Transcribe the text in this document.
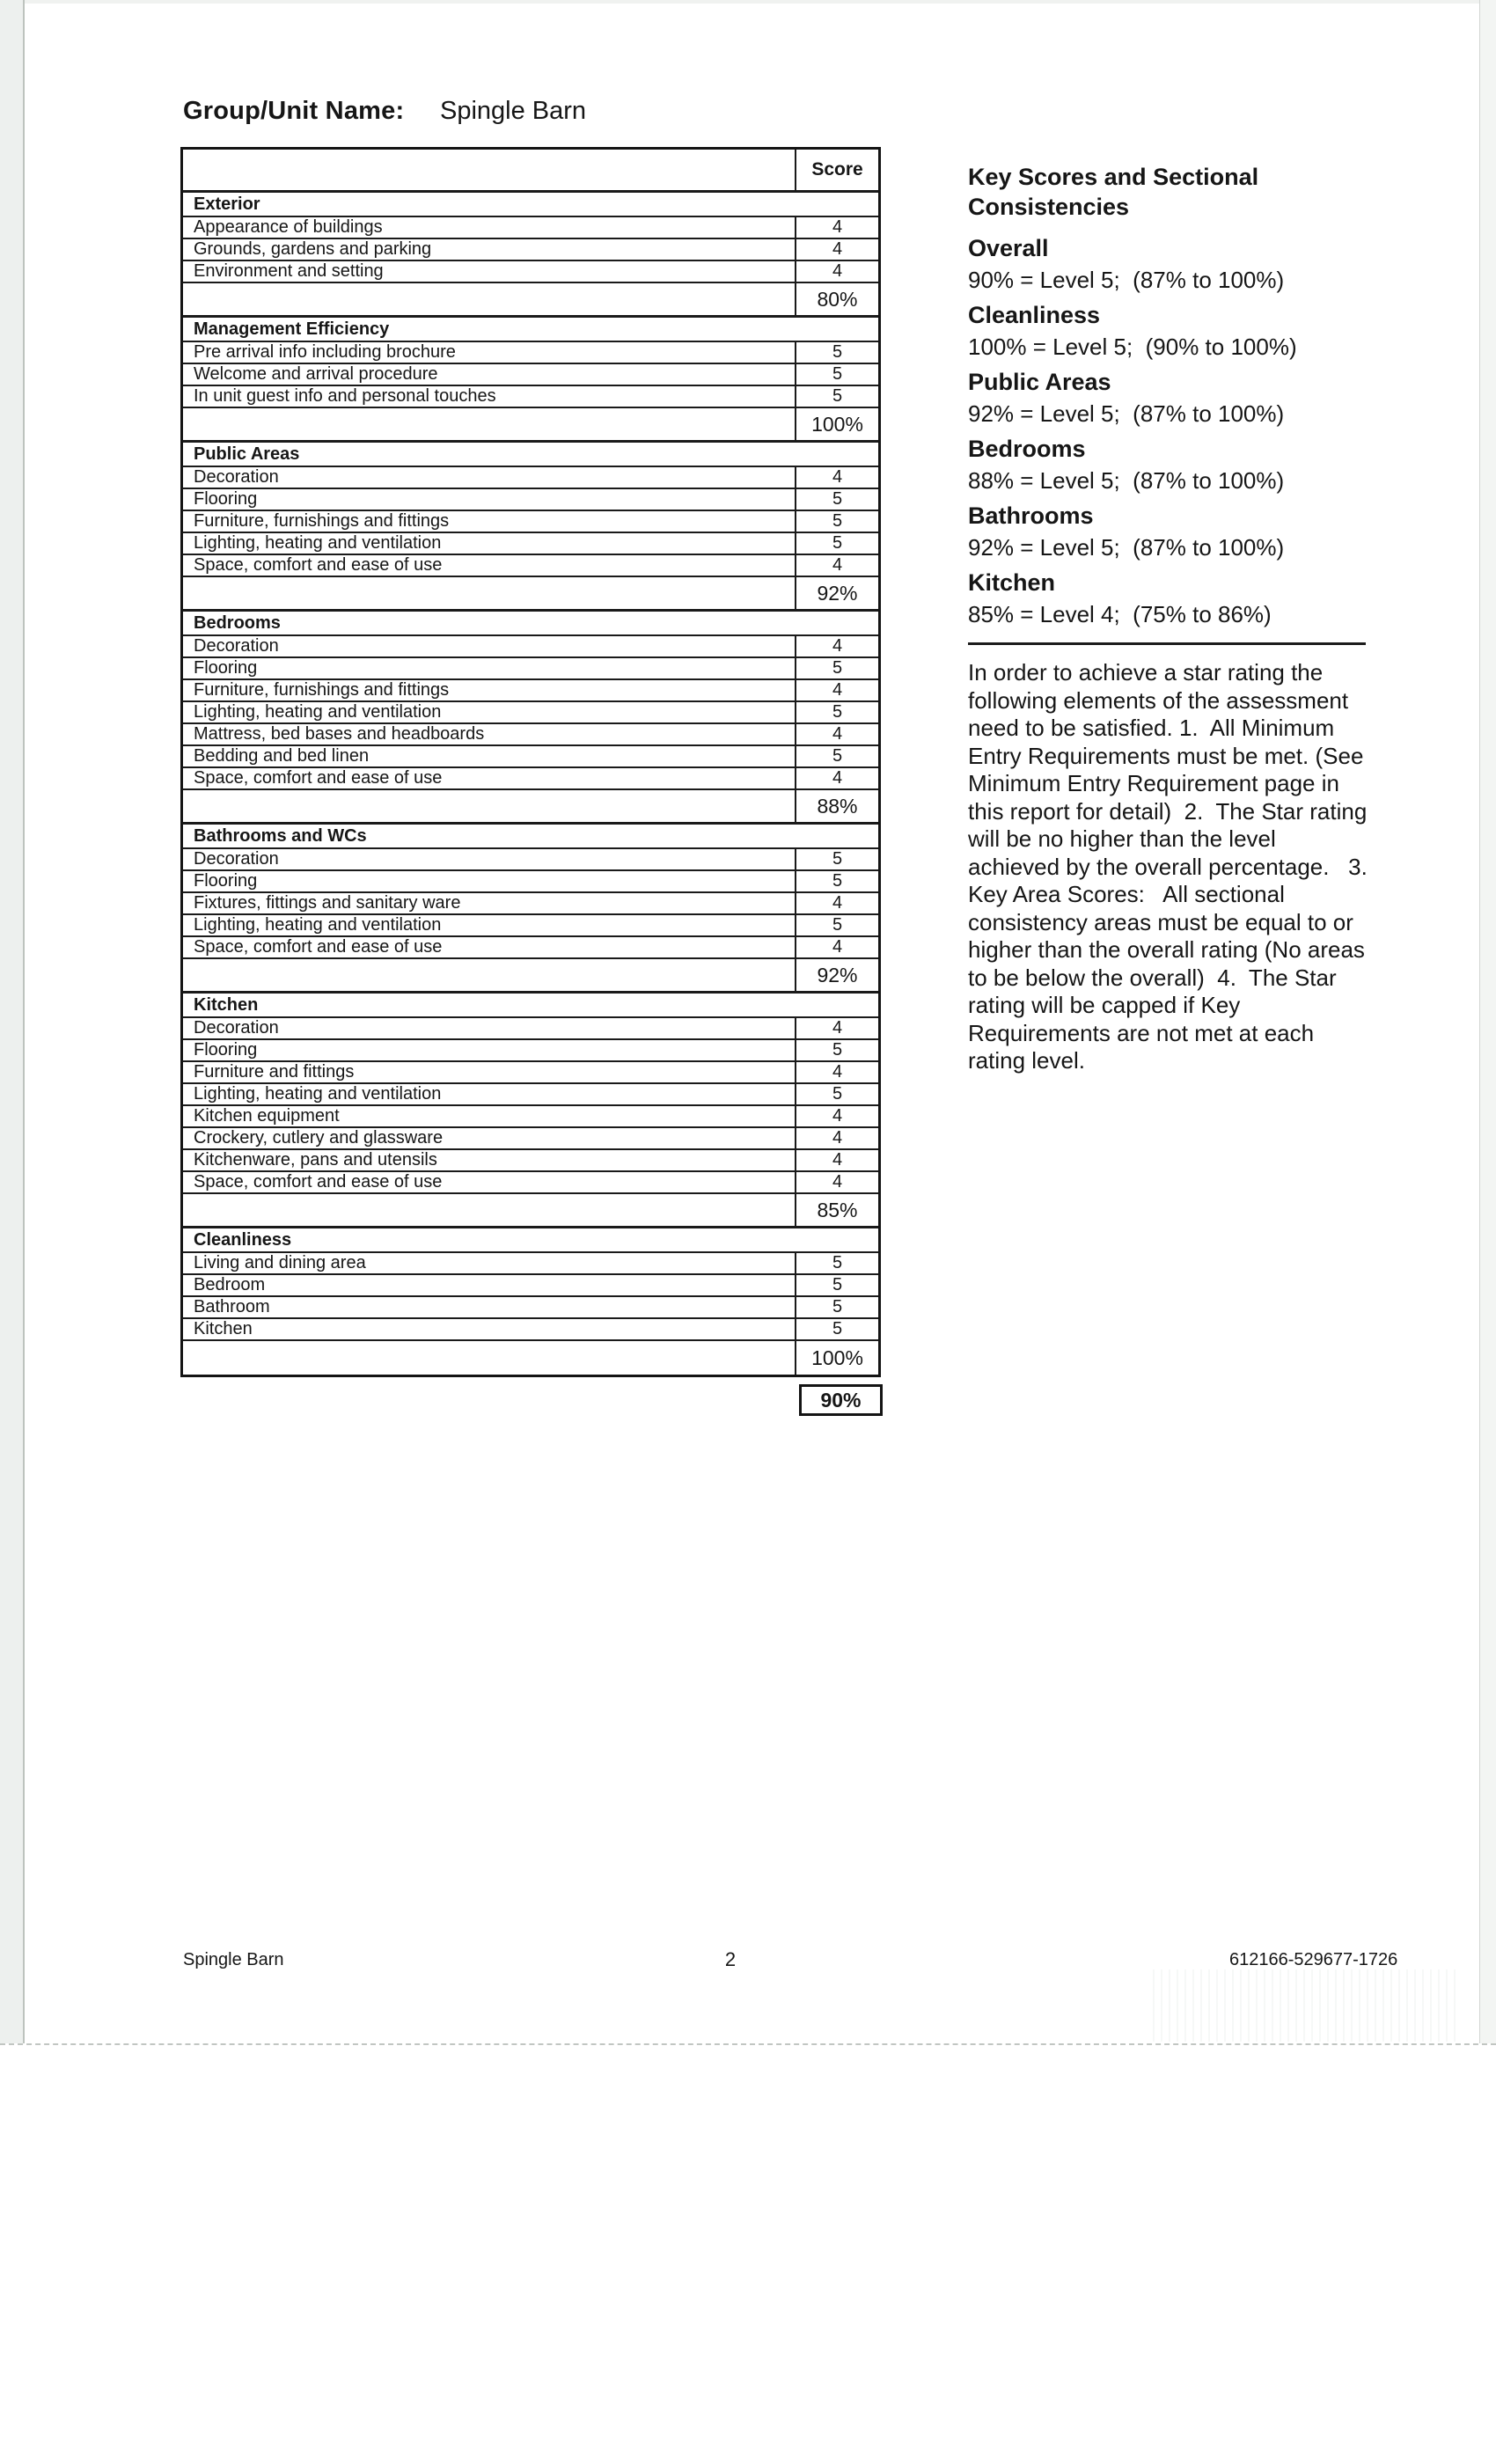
Group/Unit Name: Spingle Barn
Score
Exterior
Appearance of buildings	4
Grounds, gardens and parking	4
Environment and setting	4
80%
Management Efficiency
Pre arrival info including brochure	5
Welcome and arrival procedure	5
In unit guest info and personal touches	5
100%
Public Areas
Decoration	4
Flooring	5
Furniture, furnishings and fittings	5
Lighting, heating and ventilation	5
Space, comfort and ease of use	4
92%
Bedrooms
Decoration	4
Flooring	5
Furniture, furnishings and fittings	4
Lighting, heating and ventilation	5
Mattress, bed bases and headboards	4
Bedding and bed linen	5
Space, comfort and ease of use	4
88%
Bathrooms and WCs
Decoration	5
Flooring	5
Fixtures, fittings and sanitary ware	4
Lighting, heating and ventilation	5
Space, comfort and ease of use	4
92%
Kitchen
Decoration	4
Flooring	5
Furniture and fittings	4
Lighting, heating and ventilation	5
Kitchen equipment	4
Crockery, cutlery and glassware	4
Kitchenware, pans and utensils	4
Space, comfort and ease of use	4
85%
Cleanliness
Living and dining area	5
Bedroom	5
Bathroom	5
Kitchen	5
100%
90%
Key Scores and Sectional Consistencies
Overall
90% = Level 5;  (87% to 100%)
Cleanliness
100% = Level 5;  (90% to 100%)
Public Areas
92% = Level 5;  (87% to 100%)
Bedrooms
88% = Level 5;  (87% to 100%)
Bathrooms
92% = Level 5;  (87% to 100%)
Kitchen
85% = Level 4;  (75% to 86%)

In order to achieve a star rating the following elements of the assessment need to be satisfied. 1.  All Minimum Entry Requirements must be met. (See Minimum Entry Requirement page in this report for detail)  2.  The Star rating will be no higher than the level achieved by the overall percentage.   3.  Key Area Scores:   All sectional consistency areas must be equal to or higher than the overall rating (No areas to be below the overall)  4.  The Star rating will be capped if Key Requirements are not met at each rating level.

Spingle Barn	2	612166-529677-1726
